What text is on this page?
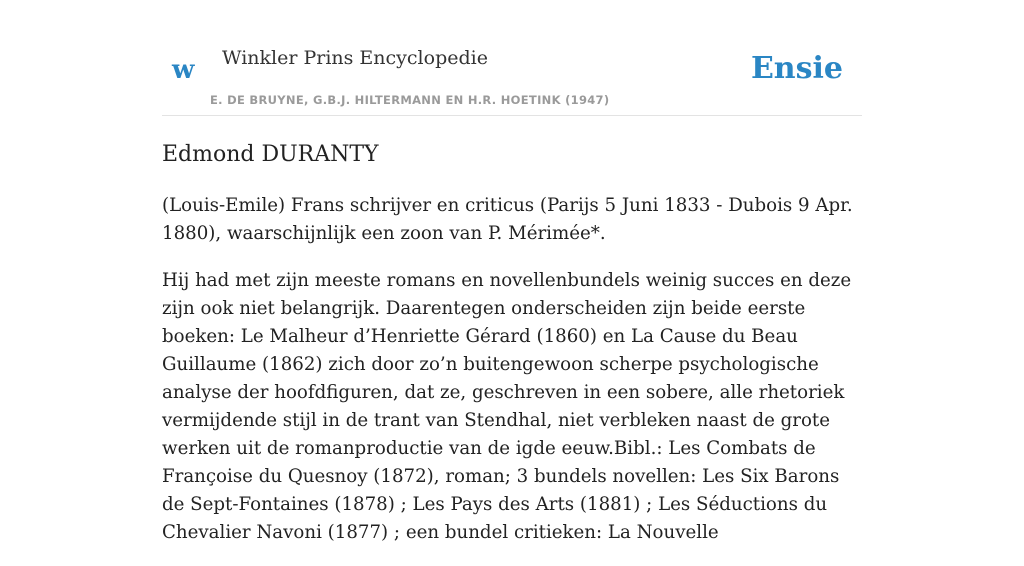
w Winkler Prins Encyclopedie
E. DE BRUYNE, G.B.J. HILTERMANN EN H.R. HOETINK (1947)
Ensie
Edmond DURANTY

(Louis-Emile) Frans schrijver en criticus (Parijs 5 Juni 1833 - Dubois 9 Apr. 1880), waarschijnlijk een zoon van P. Mérimée*.

Hij had met zijn meeste romans en novellenbundels weinig succes en deze zijn ook niet belangrijk. Daarentegen onderscheiden zijn beide eerste boeken: Le Malheur d’Henriette Gérard (1860) en La Cause du Beau Guillaume (1862) zich door zo’n buitengewoon scherpe psychologische analyse der hoofdfiguren, dat ze, geschreven in een sobere, alle rhetoriek vermijdende stijl in de trant van Stendhal, niet verbleken naast de grote werken uit de romanproductie van de igde eeuw.Bibl.: Les Combats de Françoise du Quesnoy (1872), roman; 3 bundels novellen: Les Six Barons de Sept-Fontaines (1878) ; Les Pays des Arts (1881) ; Les Séductions du Chevalier Navoni (1877) ; een bundel critieken: La Nouvelle
